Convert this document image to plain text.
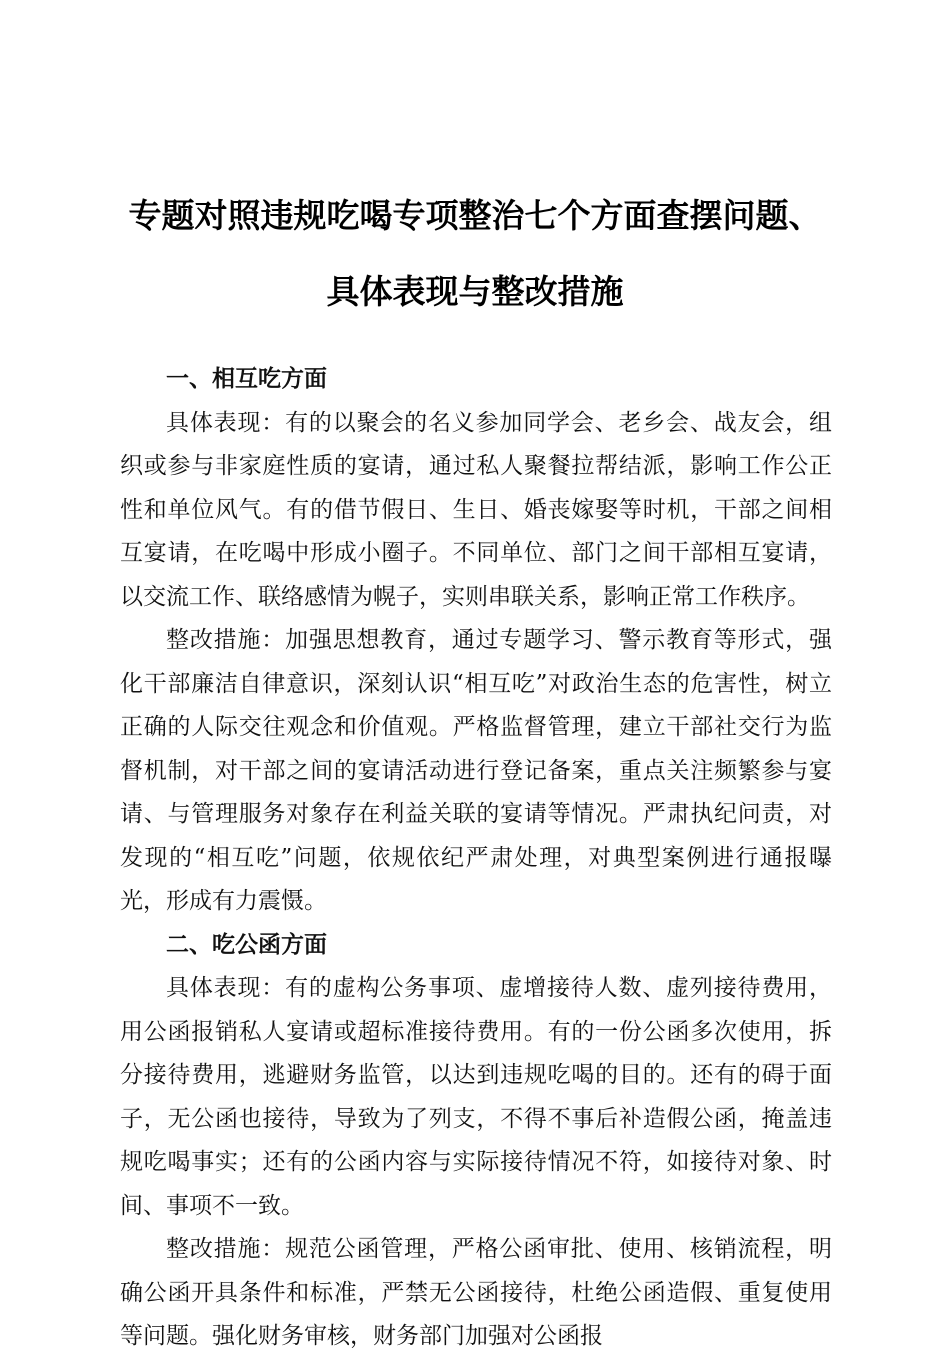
专题对照违规吃喝专项整治七个方面查摆问题、
具体表现与整改措施
一、相互吃方面

具体表现：有的以聚会的名义参加同学会、老乡会、战友会，组织或参与非家庭性质的宴请，通过私人聚餐拉帮结派，影响工作公正性和单位风气。有的借节假日、生日、婚丧嫁娶等时机，干部之间相互宴请，在吃喝中形成小圈子。不同单位、部门之间干部相互宴请，以交流工作、联络感情为幌子，实则串联关系，影响正常工作秩序。

整改措施：加强思想教育，通过专题学习、警示教育等形式，强化干部廉洁自律意识，深刻认识“相互吃”对政治生态的危害性，树立正确的人际交往观念和价值观。严格监督管理，建立干部社交行为监督机制，对干部之间的宴请活动进行登记备案，重点关注频繁参与宴请、与管理服务对象存在利益关联的宴请等情况。严肃执纪问责，对发现的“相互吃”问题，依规依纪严肃处理，对典型案例进行通报曝光，形成有力震慑。

二、吃公函方面

具体表现：有的虚构公务事项、虚增接待人数、虚列接待费用，用公函报销私人宴请或超标准接待费用。有的一份公函多次使用，拆分接待费用，逃避财务监管，以达到违规吃喝的目的。还有的碍于面子，无公函也接待，导致为了列支，不得不事后补造假公函，掩盖违规吃喝事实；还有的公函内容与实际接待情况不符，如接待对象、时间、事项不一致。

整改措施：规范公函管理，严格公函审批、使用、核销流程，明确公函开具条件和标准，严禁无公函接待，杜绝公函造假、重复使用等问题。强化财务审核，财务部门加强对公函报
